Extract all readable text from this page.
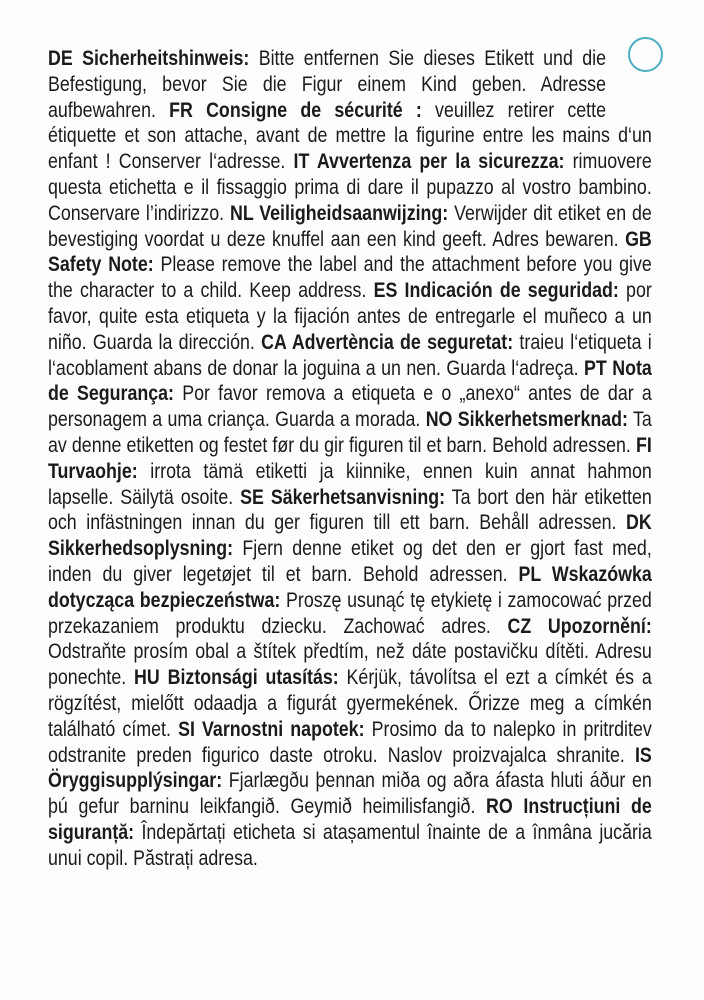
DE Sicherheitshinweis: Bitte entfernen Sie dieses Etikett und die Befestigung, bevor Sie die Figur einem Kind geben. Adresse aufbewahren. FR Consigne de sécurité : veuillez retirer cette étiquette et son attache, avant de mettre la figurine entre les mains d‘un enfant ! Conserver l‘adresse. IT Avvertenza per la sicurezza: rimuovere questa etichetta e il fissaggio prima di dare il pupazzo al vostro bambino. Conservare l’indirizzo. NL Veiligheidsaanwijzing: Verwijder dit etiket en de bevestiging voordat u deze knuffel aan een kind geeft. Adres bewaren. GB Safety Note: Please remove the label and the attachment before you give the character to a child. Keep address. ES Indicación de seguridad: por favor, quite esta etiqueta y la fijación antes de entregarle el muñeco a un niño. Guarda la dirección. CA Advertència de seguretat: traieu l‘etiqueta i l‘acoblament abans de donar la joguina a un nen. Guarda l‘adreça. PT Nota de Segurança: Por favor remova a etiqueta e o „anexo“ antes de dar a personagem a uma criança. Guarda a morada. NO Sikkerhetsmerknad: Ta av denne etiketten og festet før du gir figuren til et barn. Behold adressen. FI Turvaohje: irrota tämä etiketti ja kiinnike, ennen kuin annat hahmon lapselle. Säilytä osoite. SE Säkerhetsanvisning: Ta bort den här etiketten och infästningen innan du ger figuren till ett barn. Behåll adressen. DK Sikkerhedsoplysning: Fjern denne etiket og det den er gjort fast med, inden du giver legetøjet til et barn. Behold adressen. PL Wskazówka dotycząca bezpieczeństwa: Proszę usunąć tę etykietę i zamocować przed przekazaniem produktu dziecku. Zachować adres. CZ Upozornění: Odstraňte prosím obal a štítek předtím, než dáte postavičku dítěti. Adresu ponechte. HU Biztonsági utasítás: Kérjük, távolítsa el ezt a címkét és a rögzítést, mielőtt odaadja a figurát gyermekének. Őrizze meg a címkén található címet. SI Varnostni napotek: Prosimo da to nalepko in pritrditev odstranite preden figurico daste otroku. Naslov proizvajalca shranite. IS Öryggisupplýsingar: Fjarlægðu þennan miða og aðra áfasta hluti áður en þú gefur barninu leikfangið. Geymið heimilisfangið. RO Instrucțiuni de siguranță: Îndepărtați eticheta si atașamentul înainte de a înmâna jucăria unui copil. Păstrați adresa.
